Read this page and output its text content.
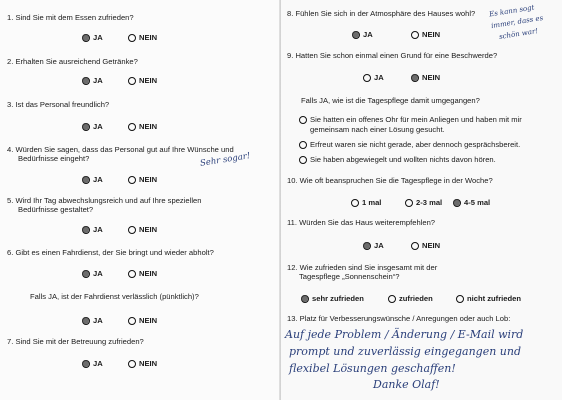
1. Sind Sie mit dem Essen zufrieden?
JA	NEIN
2. Erhalten Sie ausreichend Getränke?
JA	NEIN
3. Ist das Personal freundlich?
JA	NEIN
4. Würden Sie sagen, dass das Personal gut auf Ihre Wünsche und
Bedürfnisse eingeht?	Sehr sogar!
JA	NEIN
5. Wird Ihr Tag abwechslungsreich und auf Ihre speziellen
Bedürfnisse gestaltet?
JA	NEIN
6. Gibt es einen Fahrdienst, der Sie bringt und wieder abholt?
JA	NEIN
Falls JA, ist der Fahrdienst verlässlich (pünktlich)?
JA	NEIN
7. Sind Sie mit der Betreuung zufrieden?
JA	NEIN
8. Fühlen Sie sich in der Atmosphäre des Hauses wohl? Es kann sogt
immer, dass es
schön war!
JA	NEIN
9. Hatten Sie schon einmal einen Grund für eine Beschwerde?
JA	NEIN
Falls JA, wie ist die Tagespflege damit umgegangen?
Sie hatten ein offenes Ohr für mein Anliegen und haben mit mir
gemeinsam nach einer Lösung gesucht.
Erfreut waren sie nicht gerade, aber dennoch gesprächsbereit.
Sie haben abgewiegelt und wollten nichts davon hören.
10. Wie oft beanspruchen Sie die Tagespflege in der Woche?
1 mal	2-3 mal	4-5 mal
11. Würden Sie das Haus weiterempfehlen?
JA	NEIN
12. Wie zufrieden sind Sie insgesamt mit der
Tagespflege „Sonnenschein“?
sehr zufrieden	zufrieden	nicht zufrieden
13. Platz für Verbesserungswünsche / Anregungen oder auch Lob:
Auf jede Problem / Änderung / E-Mail wird
prompt und zuverlässig eingegangen und
flexibel Lösungen geschaffen!
Danke Olaf!
